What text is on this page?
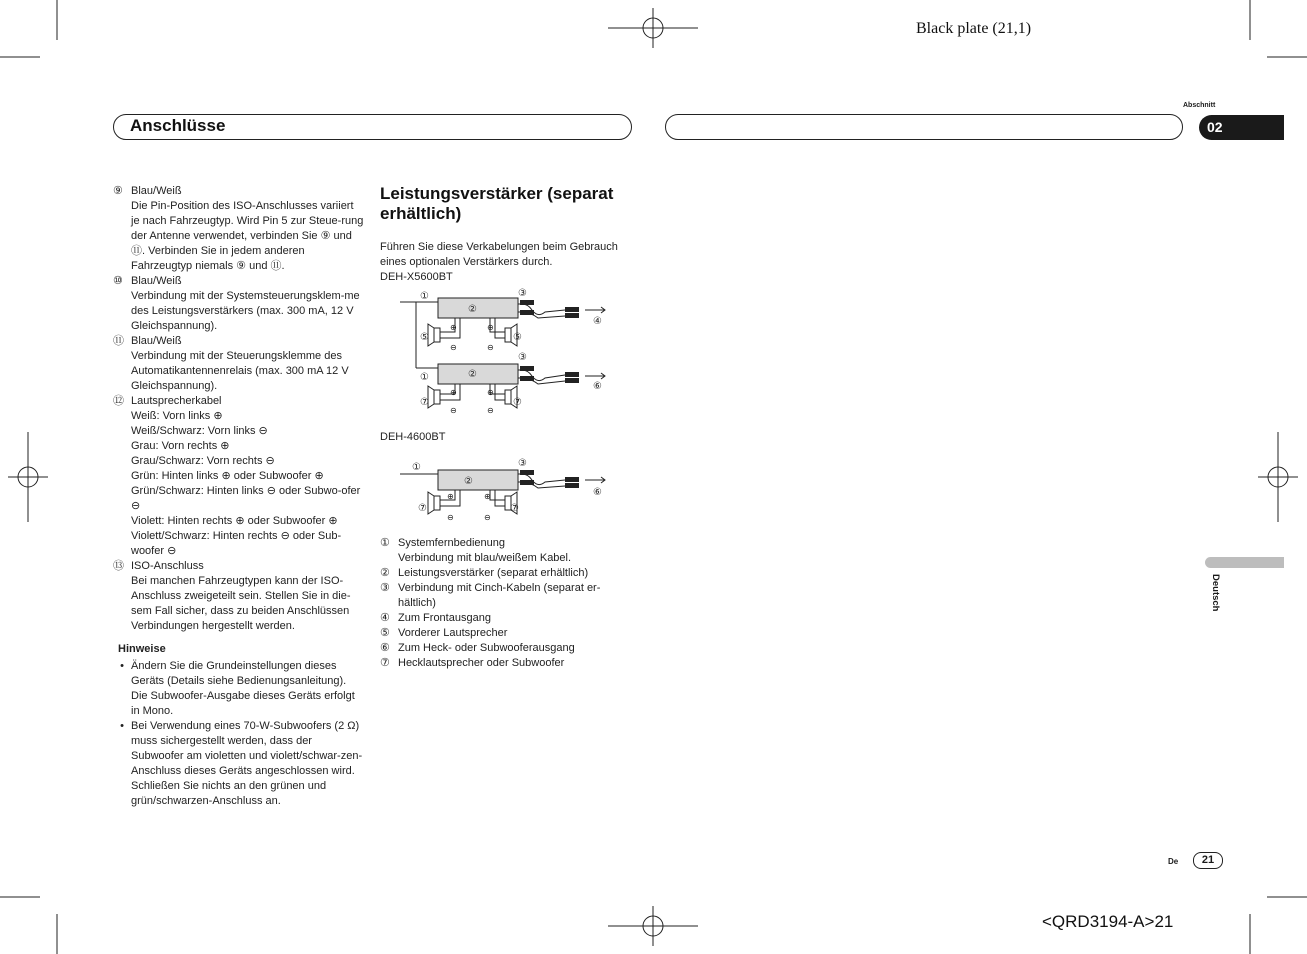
Black plate (21,1)
Anschlüsse
Abschnitt
02
Deutsch
⑨ Blau/Weiß
Die Pin-Position des ISO-Anschlusses variiert je nach Fahrzeugtyp. Wird Pin 5 zur Steue-rung der Antenne verwendet, verbinden Sie ⑨ und ⑪. Verbinden Sie in jedem anderen Fahrzeugtyp niemals ⑨ und ⑪.
⑩ Blau/Weiß
Verbindung mit der Systemsteuerungsklem-me des Leistungsverstärkers (max. 300 mA, 12 V Gleichspannung).
⑪ Blau/Weiß
Verbindung mit der Steuerungsklemme des Automatikantennenrelais (max. 300 mA 12 V Gleichspannung).
⑫ Lautsprecherkabel
Weiß: Vorn links ⊕
Weiß/Schwarz: Vorn links ⊖
Grau: Vorn rechts ⊕
Grau/Schwarz: Vorn rechts ⊖
Grün: Hinten links ⊕ oder Subwoofer ⊕
Grün/Schwarz: Hinten links ⊖ oder Subwo-ofer ⊖
Violett: Hinten rechts ⊕ oder Subwoofer ⊕
Violett/Schwarz: Hinten rechts ⊖ oder Sub-woofer ⊖
⑬ ISO-Anschluss
Bei manchen Fahrzeugtypen kann der ISO-Anschluss zweigeteilt sein. Stellen Sie in die-sem Fall sicher, dass zu beiden Anschlüssen Verbindungen hergestellt werden.
Hinweise
• Ändern Sie die Grundeinstellungen dieses Geräts (Details siehe Bedienungsanleitung). Die Subwoofer-Ausgabe dieses Geräts erfolgt in Mono.
• Bei Verwendung eines 70-W-Subwoofers (2 Ω) muss sichergestellt werden, dass der Subwoofer am violetten und violett/schwar-zen-Anschluss dieses Geräts angeschlossen wird. Schließen Sie nichts an den grünen und grün/schwarzen-Anschluss an.
Leistungsverstärker (separat erhältlich)
Führen Sie diese Verkabelungen beim Gebrauch eines optionalen Verstärkers durch.
DEH-X5600BT
①
②
③
④
⑤	⑤
③
①	②
⑥
⑦	⑦
⊕	⊕
⊖	⊖
⊕	⊕
⊖	⊖
DEH-4600BT
①
②
③
⑥
⑦	⑦
⊕	⊕
⊖	⊖
① Systemfernbedienung
Verbindung mit blau/weißem Kabel.
② Leistungsverstärker (separat erhältlich)
③ Verbindung mit Cinch-Kabeln (separat er-hältlich)
④ Zum Frontausgang
⑤ Vorderer Lautsprecher
⑥ Zum Heck- oder Subwooferausgang
⑦ Hecklautsprecher oder Subwoofer
De	21
<QRD3194-A>21
